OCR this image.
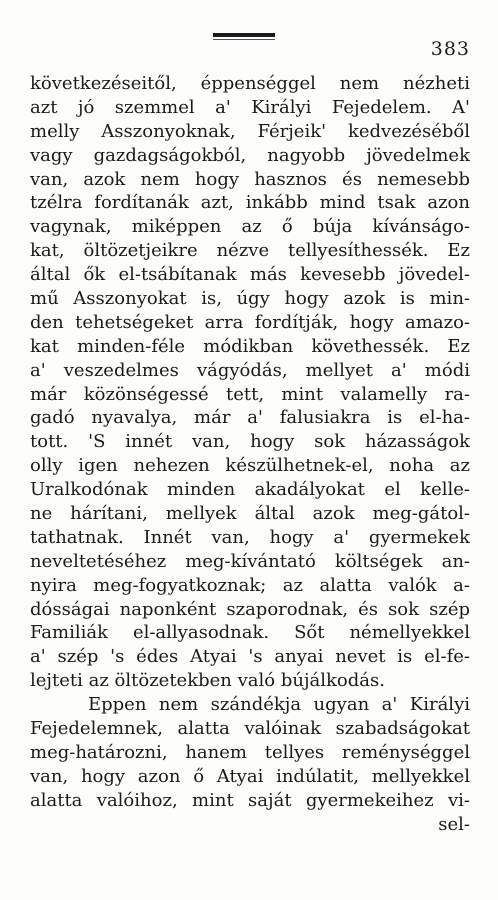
383
következéseitől, éppenséggel nem nézheti
azt jó szemmel a' Királyi Fejedelem. A'
melly Asszonyoknak, Férjeik' kedvezéséből
vagy gazdagságokból, nagyobb jövedelmek
van, azok nem hogy hasznos és nemesebb
tzélra fordítanák azt, inkább mind tsak azon
vagynak, miképpen az ő búja kívánságo-
kat, öltözetjeikre nézve tellyesíthessék. Ez
által ők el-tsábítanak más kevesebb jövedel-
mű Asszonyokat is, úgy hogy azok is min-
den tehetségeket arra fordítják, hogy amazo-
kat minden-féle módikban követhessék. Ez
a' veszedelmes vágyódás, mellyet a' módi
már közönségessé tett, mint valamelly ra-
gadó nyavalya, már a' falusiakra is el-ha-
tott. 'S innét van, hogy sok házasságok
olly igen nehezen készülhetnek-el, noha az
Uralkodónak minden akadályokat el kelle-
ne hárítani, mellyek által azok meg-gátol-
tathatnak. Innét van, hogy a' gyermekek
neveltetéséhez meg-kívántató költségek an-
nyira meg-fogyatkoznak; az alatta valók a-
dósságai naponként szaporodnak, és sok szép
Familiák el-allyasodnak. Sőt némellyekkel
a' szép 's édes Atyai 's anyai nevet is el-fe-
lejteti az öltözetekben való bújálkodás.
Eppen nem szándékja ugyan a' Királyi
Fejedelemnek, alatta valóinak szabadságokat
meg-határozni, hanem tellyes reménységgel
van, hogy azon ő Atyai indúlatit, mellyekkel
alatta valóihoz, mint saját gyermekeihez vi-
sel-
